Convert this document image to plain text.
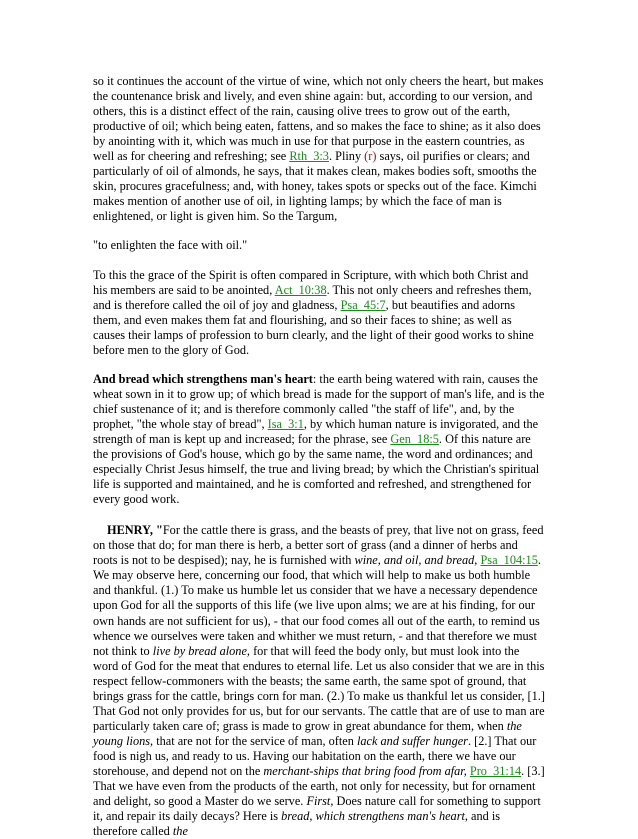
so it continues the account of the virtue of wine, which not only cheers the heart, but makes the countenance brisk and lively, and even shine again: but, according to our version, and others, this is a distinct effect of the rain, causing olive trees to grow out of the earth, productive of oil; which being eaten, fattens, and so makes the face to shine; as it also does by anointing with it, which was much in use for that purpose in the eastern countries, as well as for cheering and refreshing; see Rth_3:3. Pliny (r) says, oil purifies or clears; and particularly of oil of almonds, he says, that it makes clean, makes bodies soft, smooths the skin, procures gracefulness; and, with honey, takes spots or specks out of the face. Kimchi makes mention of another use of oil, in lighting lamps; by which the face of man is enlightened, or light is given him. So the Targum,

"to enlighten the face with oil."

To this the grace of the Spirit is often compared in Scripture, with which both Christ and his members are said to be anointed, Act_10:38. This not only cheers and refreshes them, and is therefore called the oil of joy and gladness, Psa_45:7, but beautifies and adorns them, and even makes them fat and flourishing, and so their faces to shine; as well as causes their lamps of profession to burn clearly, and the light of their good works to shine before men to the glory of God.

And bread which strengthens man's heart: the earth being watered with rain, causes the wheat sown in it to grow up; of which bread is made for the support of man's life, and is the chief sustenance of it; and is therefore commonly called "the staff of life", and, by the prophet, "the whole stay of bread", Isa_3:1, by which human nature is invigorated, and the strength of man is kept up and increased; for the phrase, see Gen_18:5. Of this nature are the provisions of God's house, which go by the same name, the word and ordinances; and especially Christ Jesus himself, the true and living bread; by which the Christian's spiritual life is supported and maintained, and he is comforted and refreshed, and strengthened for every good work.

HENRY, "For the cattle there is grass, and the beasts of prey, that live not on grass, feed on those that do; for man there is herb, a better sort of grass (and a dinner of herbs and roots is not to be despised); nay, he is furnished with wine, and oil, and bread, Psa_104:15. We may observe here, concerning our food, that which will help to make us both humble and thankful. (1.) To make us humble let us consider that we have a necessary dependence upon God for all the supports of this life (we live upon alms; we are at his finding, for our own hands are not sufficient for us), - that our food comes all out of the earth, to remind us whence we ourselves were taken and whither we must return, - and that therefore we must not think to live by bread alone, for that will feed the body only, but must look into the word of God for the meat that endures to eternal life. Let us also consider that we are in this respect fellow-commoners with the beasts; the same earth, the same spot of ground, that brings grass for the cattle, brings corn for man. (2.) To make us thankful let us consider, [1.] That God not only provides for us, but for our servants. The cattle that are of use to man are particularly taken care of; grass is made to grow in great abundance for them, when the young lions, that are not for the service of man, often lack and suffer hunger. [2.] That our food is nigh us, and ready to us. Having our habitation on the earth, there we have our storehouse, and depend not on the merchant-ships that bring food from afar, Pro_31:14. [3.] That we have even from the products of the earth, not only for necessity, but for ornament and delight, so good a Master do we serve. First, Does nature call for something to support it, and repair its daily decays? Here is bread, which strengthens man's heart, and is therefore called the
